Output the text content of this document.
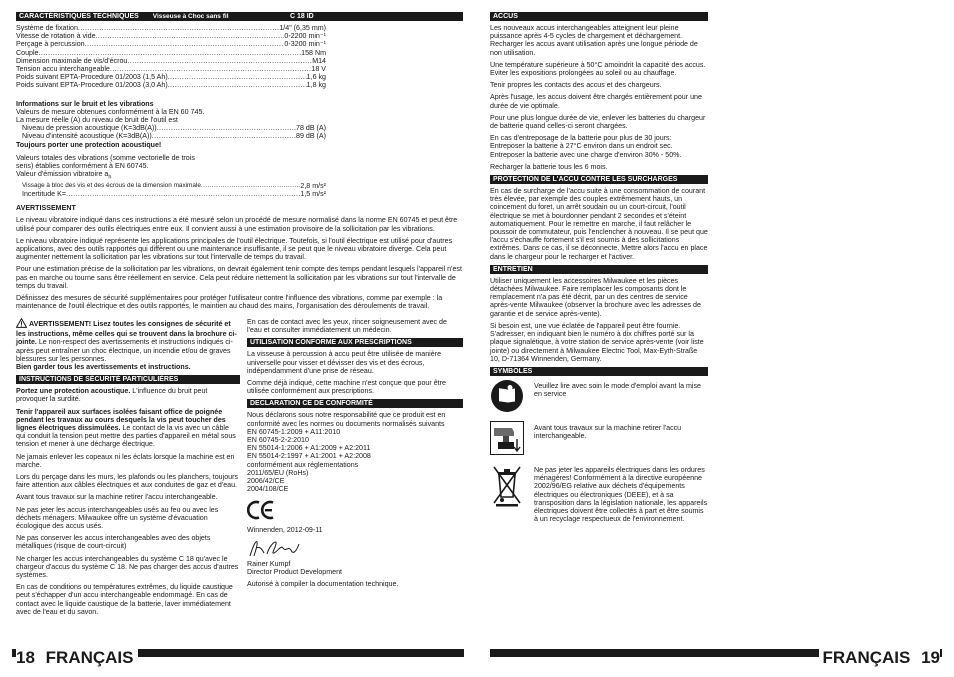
CARACTÉRISTIQUES TECHNIQUES Visseuse à Choc sans fil	C 18 ID
Système de fixation .....	1/4" (6,35 mm)
Vitesse de rotation à vide .....	0-2200 min⁻¹
Perçage à percussion .....	0-3200 min⁻¹
Couple .....	158 Nm
Dimension maximale de vis/d'écrou .....	M14
Tension accu interchangeable .....	18 V
Poids suivant EPTA-Procedure 01/2003 (1,5 Ah) .....	1,6 kg
Poids suivant EPTA-Procedure 01/2003 (3,0 Ah) .....	1,8 kg
Informations sur le bruit et les vibrations
Valeurs de mesure obtenues conformément à la EN 60 745.
La mesure réelle (A) du niveau de bruit de l'outil est
Niveau de pression acoustique (K=3dB(A)) .....	78 dB (A)
Niveau d'intensité acoustique (K=3dB(A)) .....	89 dB (A)
Toujours porter une protection acoustique!
Valeurs totales des vibrations (somme vectorielle de trois
sens) établies conformément à EN 60745.
Valeur d'émission vibratoire $a_h$
Vissage à bloc des vis et des écrous de la dimension maximale .....	2,8 m/s²
Incertitude K= .....	1,5 m/s²
AVERTISSEMENT

Le niveau vibratoire indiqué dans ces instructions a été mesuré selon un procédé de mesure normalisé dans la norme EN 60745 et peut être utilisé pour comparer des outils électriques entre eux. Il convient aussi à une estimation provisoire de la sollicitation par les vibrations.

Le niveau vibratoire indiqué représente les applications principales de l'outil électrique. Toutefois, si l'outil électrique est utilisé pour d'autres applications, avec des outils rapportés qui diffèrent ou une maintenance insuffisante, il se peut que le niveau vibratoire diverge. Cela peut augmenter nettement la sollicitation par les vibrations sur tout l'intervalle de temps du travail.

Pour une estimation précise de la sollicitation par les vibrations, on devrait également tenir compte des temps pendant lesquels l'appareil n'est pas en marche ou tourne sans être réellement en service. Cela peut réduire nettement la sollicitation par les vibrations sur tout l'intervalle de temps du travail.

Définissez des mesures de sécurité supplémentaires pour protéger l'utilisateur contre l'influence des vibrations, comme par exemple : la maintenance de l'outil électrique et des outils rapportés, le maintien au chaud des mains, l'organisation des déroulements de travail.

AVERTISSEMENT! Lisez toutes les consignes de sécurité et les instructions, même celles qui se trouvent dans la brochure ci-jointe. Le non-respect des avertissements et instructions indiqués ci-après peut entraîner un choc électrique, un incendie et/ou de graves blessures sur les personnes.
Bien garder tous les avertissements et instructions.

INSTRUCTIONS DE SÉCURITÉ PARTICULIÈRES

Portez une protection acoustique. L'influence du bruit peut provoquer la surdité.

Tenir l'appareil aux surfaces isolées faisant office de poignée pendant les travaux au cours desquels la vis peut toucher des lignes électriques dissimulées. Le contact de la vis avec un câble qui conduit la tension peut mettre des parties d'appareil en métal sous tension et mener à une décharge électrique.

Ne jamais enlever les copeaux ni les éclats lorsque la machine est en marche.

Lors du perçage dans les murs, les plafonds ou les planchers, toujours faire attention aux câbles électriques et aux conduites de gaz et d'eau.

Avant tous travaux sur la machine retirer l'accu interchangeable.

Ne pas jeter les accus interchangeables usés au feu ou avec les déchets ménagers. Milwaukee offre un système d'évacuation écologique des accus usés.

Ne pas conserver les accus interchangeables avec des objets métalliques (risque de court-circuit)

Ne charger les accus interchangeables du système C 18 qu'avec le chargeur d'accus du système C 18. Ne pas charger des accus d'autres systèmes.

En cas de conditions ou températures extrêmes, du liquide caustique peut s'échapper d'un accu interchangeable endommagé. En cas de contact avec le liquide caustique de la batterie, laver immédiatement avec de l'eau et du savon.

En cas de contact avec les yeux, rincer soigneusement avec de l'eau et consulter immédiatement un médecin.

UTILISATION CONFORME AUX PRESCRIPTIONS

La visseuse à percussion à accu peut être utilisée de manière universelle pour visser et dévisser des vis et des écrous, indépendamment d'une prise de réseau.

Comme déjà indiqué, cette machine n'est conçue que pour être utilisée conformément aux prescriptions.

DECLARATION CE DE CONFORMITÉ
Nous déclarons sous notre responsabilité que ce produit est en conformité avec les normes ou documents normalisés suivants
EN 60745-1:2009 + A11:2010
EN 60745-2-2:2010
EN 55014-1:2006 + A1:2009 + A2:2011
EN 55014-2:1997 + A1:2001 + A2:2008
conformément aux réglementations
2011/65/EU (RoHs)
2006/42/CE
2004/108/CE
Winnenden, 2012-09-11
Rainer Kumpf
Director Product Development
Autorisé à compiler la documentation technique.
ACCUS

Les nouveaux accus interchangeables atteignent leur pleine puissance après 4-5 cycles de chargement et déchargement. Recharger les accus avant utilisation après une longue période de non utilisation.

Une température supérieure à 50°C amoindrit la capacité des accus. Eviter les expositions prolongées au soleil ou au chauffage.

Tenir propres les contacts des accus et des chargeurs.

Après l'usage, les accus doivent être chargés entièrement pour une durée de vie optimale.

Pour une plus longue durée de vie, enlever les batteries du chargeur de batterie quand celles-ci seront chargées.

En cas d'entreposage de la batterie pour plus de 30 jours: Entreposer la batterie à 27°C environ dans un endroit sec. Entreposer la batterie avec une charge d'environ 30% - 50%.

Recharger la batterie tous les 6 mois.

PROTECTION DE L'ACCU CONTRE LES SURCHARGES

En cas de surcharge de l'accu suite à une consommation de courant très élevée, par exemple des couples extrêmement hauts, un coincement du foret, un arrêt soudain ou un court-circuit, l'outil électrique se met à bourdonner pendant 2 secondes et s'éteint automatiquement. Pour le remettre en marche, il faut relâcher le poussoir de commutateur, puis l'enclencher à nouveau. Il se peut que l'accu s'échauffe fortement s'il est soumis à des sollicitations extrêmes. Dans ce cas, il se déconnecte. Mettre alors l'accu en place dans le chargeur pour le recharger et l'activer.

ENTRETIEN

Utiliser uniquement les accessoires Milwaukee et les pièces détachées Milwaukee. Faire remplacer les composants dont le remplacement n'a pas été décrit, par un des centres de service après-vente Milwaukee (observer la brochure avec les adresses de garantie et de service après-vente).

Si besoin est, une vue éclatée de l'appareil peut être fournie. S'adresser, en indiquant bien le numéro à dix chiffres porté sur la plaque signalétique, à votre station de service après-vente (voir liste jointe) ou directement à Milwaukee Electric Tool, Max-Eyth-Straße 10, D-71364 Winnenden, Germany.

SYMBOLES
Veuillez lire avec soin le mode d'emploi avant la mise en service
Avant tous travaux sur la machine retirer l'accu interchangeable.
Ne pas jeter les appareils électriques dans les ordures ménagères! Conformément à la directive européenne 2002/96/EG relative aux déchets d'équipements électriques ou électroniques (DEEE), et à sa transposition dans la législation nationale, les appareils électriques doivent être collectés à part et être soumis à un recyclage respectueux de l'environnement.
18 FRANÇAIS	FRANÇAIS 19
